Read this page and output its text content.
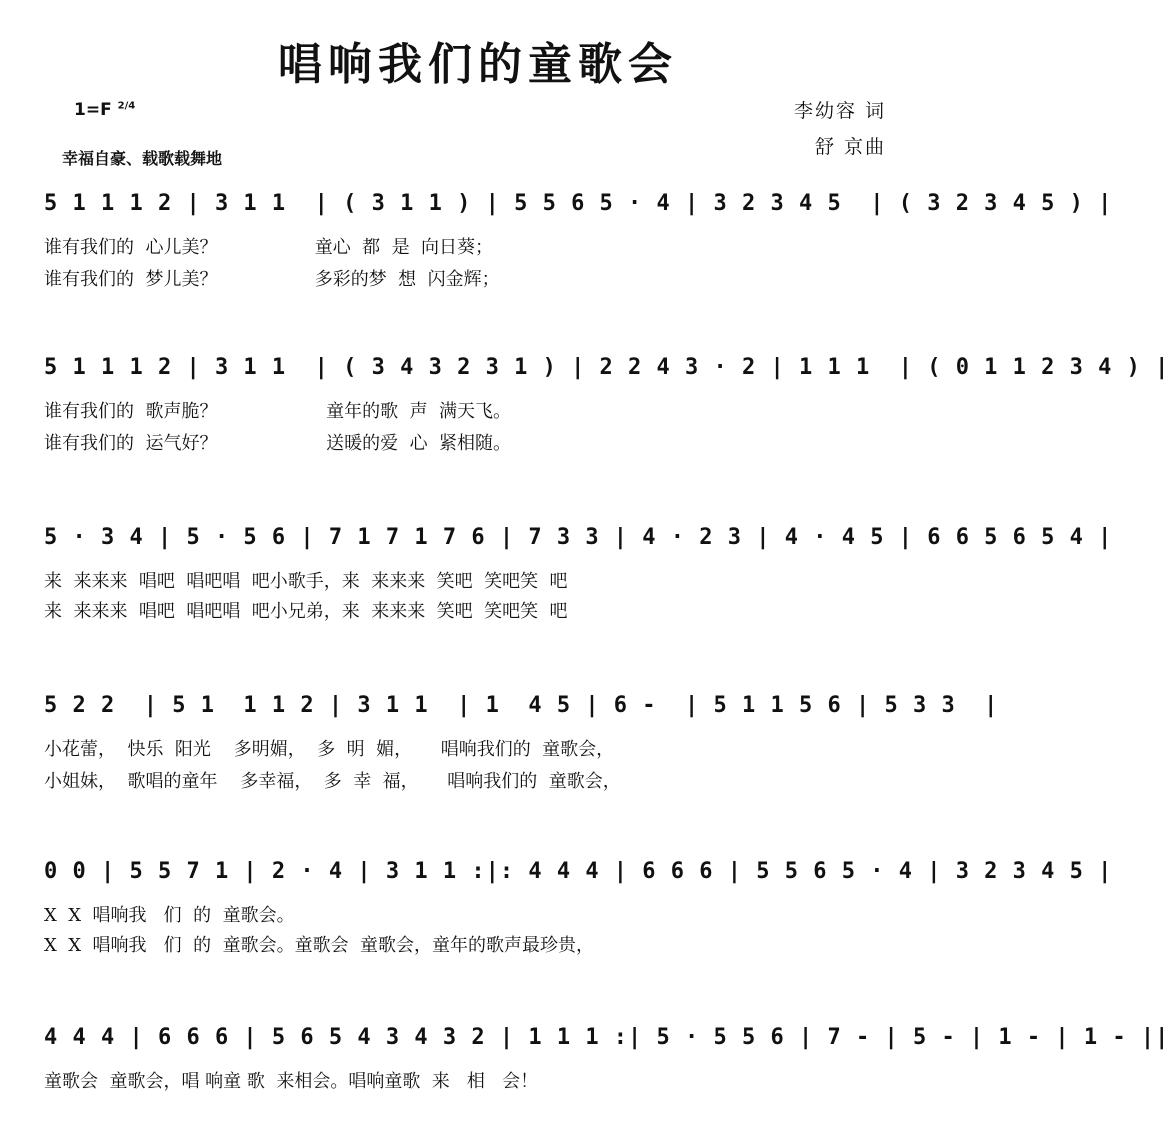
唱响我们的童歌会
1=F $^{2/4}$
幸福自豪、载歌载舞地
李幼容 词
舒 京曲
5 1 1 1 2 | 3 1 1  | ( 3 1 1 ) | 5 5 6 5 · 4 | 3 2 3 4 5  | ( 3 2 3 4 5 ) |
谁有我们的  心儿美？                 童心  都  是  向日葵；
谁有我们的  梦儿美？                 多彩的梦  想  闪金辉；
5 1 1 1 2 | 3 1 1  | ( 3 4 3 2 3 1 ) | 2 2 4 3 · 2 | 1 1 1  | ( 0 1 1 2 3 4 ) |
谁有我们的  歌声脆？                   童年的歌  声  满天飞。
谁有我们的  运气好？                   送暖的爱  心  紧相随。
5 · 3 4 | 5 · 5 6 | 7 1 7 1 7 6 | 7 3 3 | 4 · 2 3 | 4 · 4 5 | 6 6 5 6 5 4 |
来  来来来  唱吧  唱吧唱  吧小歌手，来  来来来  笑吧  笑吧笑  吧
来  来来来  唱吧  唱吧唱  吧小兄弟，来  来来来  笑吧  笑吧笑  吧
5 2 2  | 5 1  1 1 2 | 3 1 1  | 1  4 5 | 6 -  | 5 1 1 5 6 | 5 3 3  |
小花蕾，  快乐  阳光    多明媚，  多  明  媚，     唱响我们的  童歌会，
小姐妹，  歌唱的童年    多幸福，  多  幸  福，     唱响我们的  童歌会，
0 0 | 5 5 7 1 | 2 · 4 | 3 1 1 :|: 4 4 4 | 6 6 6 | 5 5 6 5 · 4 | 3 2 3 4 5 |
X  X  唱响我   们  的  童歌会。
X  X  唱响我   们  的  童歌会。童歌会  童歌会，童年的歌声最珍贵，
4 4 4 | 6 6 6 | 5 6 5 4 3 4 3 2 | 1 1 1 :| 5 · 5 5 6 | 7 - | 5 - | 1 - | 1 - ||
童歌会  童歌会，唱 响童 歌  来相会。唱响童歌  来   相   会！
